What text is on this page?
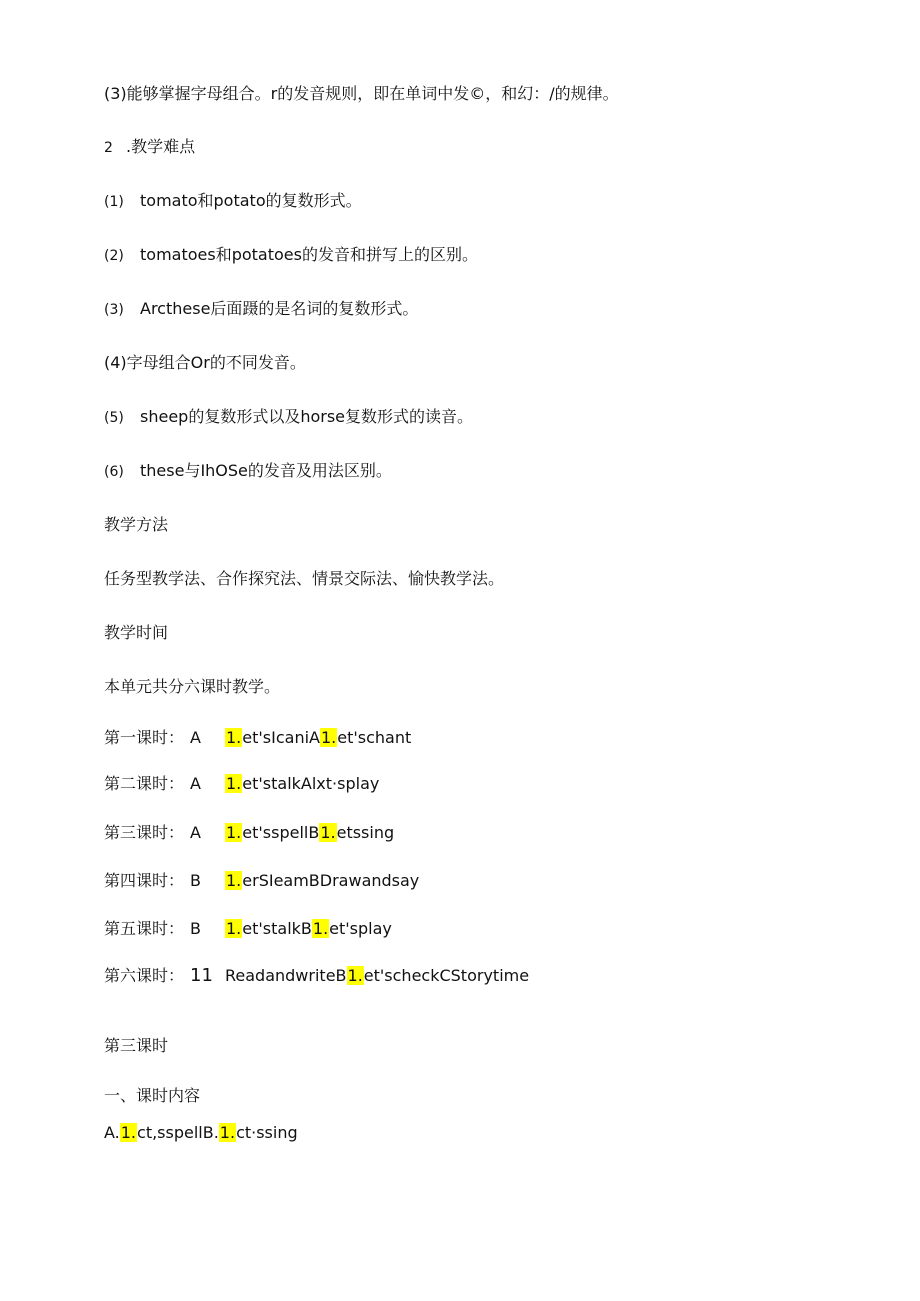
(3)能够掌握字母组合。r的发音规则，即在单词中发©，和幻：/的规律。
2 .教学难点
(1) tomato和potato的复数形式。
(2) tomatoes和potatoes的发音和拼写上的区别。
(3) Arcthese后面蹑的是名词的复数形式。
(4)字母组合Or的不同发音。
(5) sheep的复数形式以及horse复数形式的读音。
(6) these与IhOSe的发音及用法区别。
教学方法
任务型教学法、合作探究法、情景交际法、愉快教学法。
教学时间
本单元共分六课时教学。
第一课时： A 1.et'sIcaniA1.et'schant
第二课时： A 1.et'stalkAlxt·splay
第三课时： A 1.et'sspellB1.etssing
第四课时： B 1.erSIeamBDrawandsay
第五课时： B 1.et'stalkB1.et'splay
第六课时： 11 ReadandwriteB1.et'scheckCStorytime
第三课时
一、课时内容
A.1.ct,sspellB.1.ct·ssing
